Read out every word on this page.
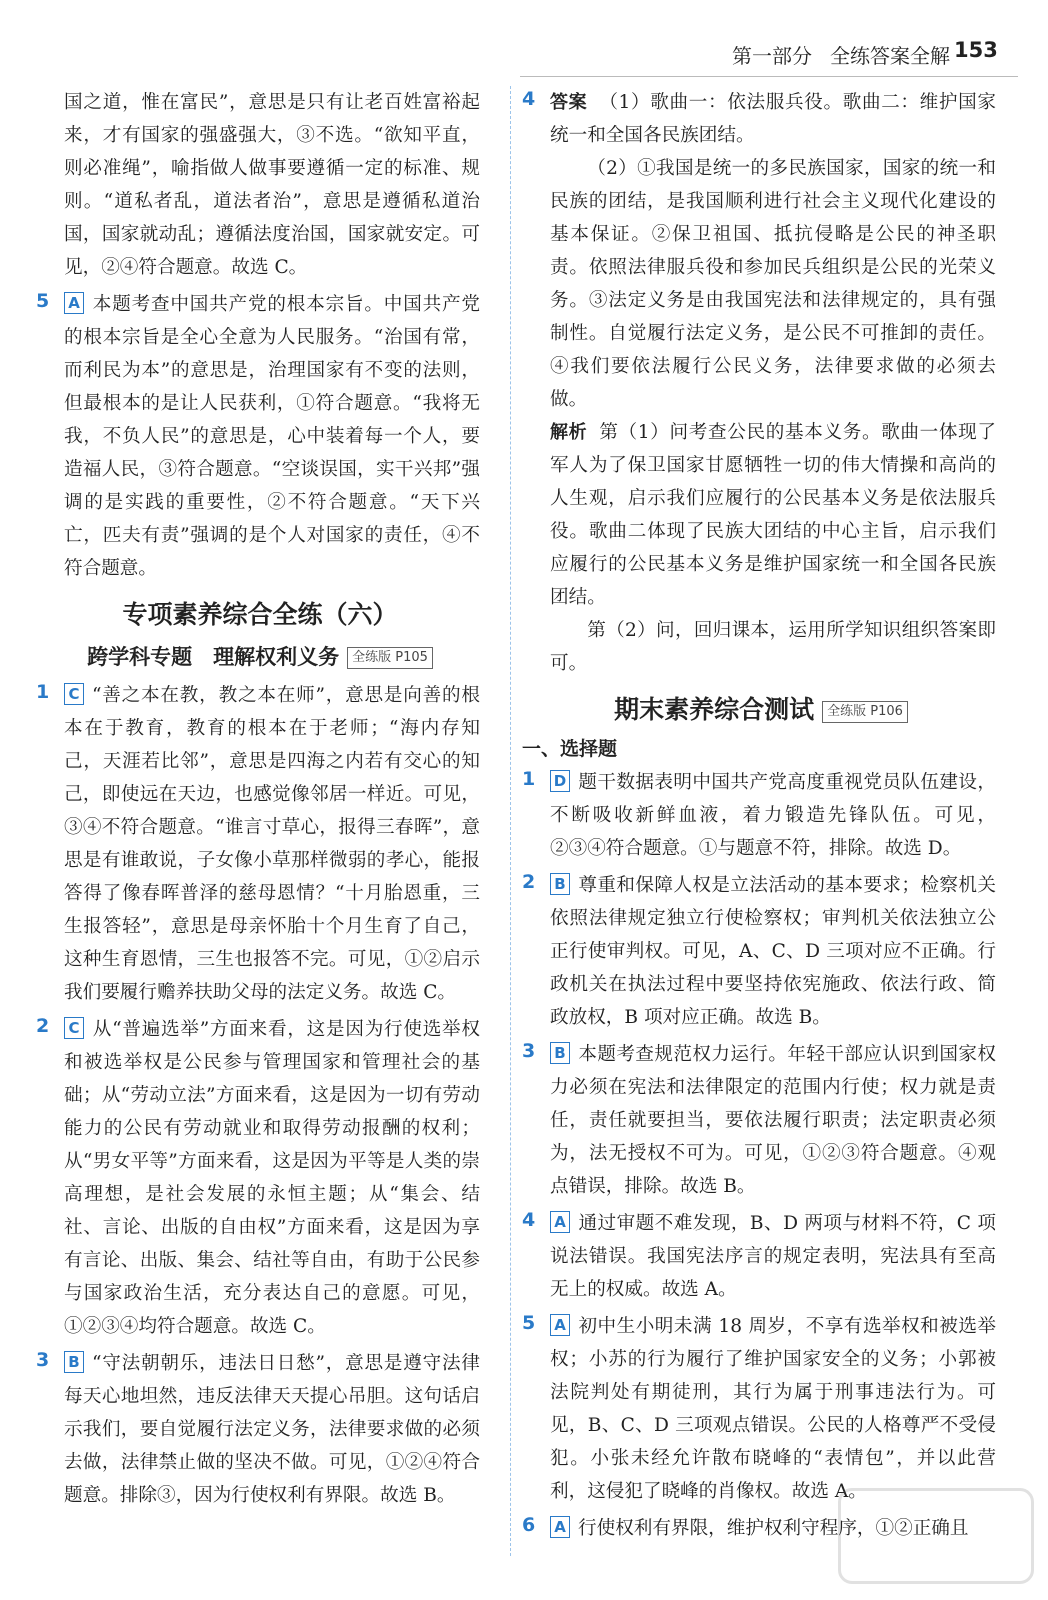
第一部分 全练答案全解 153

国之道，惟在富民”，意思是只有让老百姓富裕起来，才有国家的强盛强大，③不选。“欲知平直，则必准绳”，喻指做人做事要遵循一定的标准、规则。“道私者乱，道法者治”，意思是遵循私道治国，国家就动乱；遵循法度治国，国家就安定。可见，②④符合题意。故选 C。

5 A 本题考查中国共产党的根本宗旨。中国共产党的根本宗旨是全心全意为人民服务。“治国有常，而利民为本”的意思是，治理国家有不变的法则，但最根本的是让人民获利，①符合题意。“我将无我，不负人民”的意思是，心中装着每一个人，要造福人民，③符合题意。“空谈误国，实干兴邦”强调的是实践的重要性，②不符合题意。“天下兴亡，匹夫有责”强调的是个人对国家的责任，④不符合题意。

专项素养综合全练（六）
跨学科专题　理解权利义务 全练版 P105
1 C “善之本在教，教之本在师”，意思是向善的根本在于教育，教育的根本在于老师；“海内存知己，天涯若比邻”，意思是四海之内若有交心的知己，即使远在天边，也感觉像邻居一样近。可见，③④不符合题意。“谁言寸草心，报得三春晖”，意思是有谁敢说，子女像小草那样微弱的孝心，能报答得了像春晖普泽的慈母恩情？“十月胎恩重，三生报答轻”，意思是母亲怀胎十个月生育了自己，这种生育恩情，三生也报答不完。可见，①②启示我们要履行赡养扶助父母的法定义务。故选 C。

2 C 从“普遍选举”方面来看，这是因为行使选举权和被选举权是公民参与管理国家和管理社会的基础；从“劳动立法”方面来看，这是因为一切有劳动能力的公民有劳动就业和取得劳动报酬的权利；从“男女平等”方面来看，这是因为平等是人类的崇高理想，是社会发展的永恒主题；从“集会、结社、言论、出版的自由权”方面来看，这是因为享有言论、出版、集会、结社等自由，有助于公民参与国家政治生活，充分表达自己的意愿。可见，①②③④均符合题意。故选 C。

3 B “守法朝朝乐，违法日日愁”，意思是遵守法律每天心地坦然，违反法律天天提心吊胆。这句话启示我们，要自觉履行法定义务，法律要求做的必须去做，法律禁止做的坚决不做。可见，①②④符合题意。排除③，因为行使权利有界限。故选 B。

4 答案 （1）歌曲一：依法服兵役。歌曲二：维护国家统一和全国各民族团结。

（2）①我国是统一的多民族国家，国家的统一和民族的团结，是我国顺利进行社会主义现代化建设的基本保证。②保卫祖国、抵抗侵略是公民的神圣职责。依照法律服兵役和参加民兵组织是公民的光荣义务。③法定义务是由我国宪法和法律规定的，具有强制性。自觉履行法定义务，是公民不可推卸的责任。④我们要依法履行公民义务，法律要求做的必须去做。

解析 第（1）问考查公民的基本义务。歌曲一体现了军人为了保卫国家甘愿牺牲一切的伟大情操和高尚的人生观，启示我们应履行的公民基本义务是依法服兵役。歌曲二体现了民族大团结的中心主旨，启示我们应履行的公民基本义务是维护国家统一和全国各民族团结。

第（2）问，回归课本，运用所学知识组织答案即可。

期末素养综合测试 全练版 P106
一、选择题
1 D 题干数据表明中国共产党高度重视党员队伍建设，不断吸收新鲜血液，着力锻造先锋队伍。可见，②③④符合题意。①与题意不符，排除。故选 D。

2 B 尊重和保障人权是立法活动的基本要求；检察机关依照法律规定独立行使检察权；审判机关依法独立公正行使审判权。可见，A、C、D 三项对应不正确。行政机关在执法过程中要坚持依宪施政、依法行政、简政放权，B 项对应正确。故选 B。

3 B 本题考查规范权力运行。年轻干部应认识到国家权力必须在宪法和法律限定的范围内行使；权力就是责任，责任就要担当，要依法履行职责；法定职责必须为，法无授权不可为。可见，①②③符合题意。④观点错误，排除。故选 B。

4 A 通过审题不难发现，B、D 两项与材料不符，C 项说法错误。我国宪法序言的规定表明，宪法具有至高无上的权威。故选 A。

5 A 初中生小明未满 18 周岁，不享有选举权和被选举权；小苏的行为履行了维护国家安全的义务；小郭被法院判处有期徒刑，其行为属于刑事违法行为。可见，B、C、D 三项观点错误。公民的人格尊严不受侵犯。小张未经允许散布晓峰的“表情包”，并以此营利，这侵犯了晓峰的肖像权。故选 A。

6 A 行使权利有界限，维护权利守程序，①②正确且
